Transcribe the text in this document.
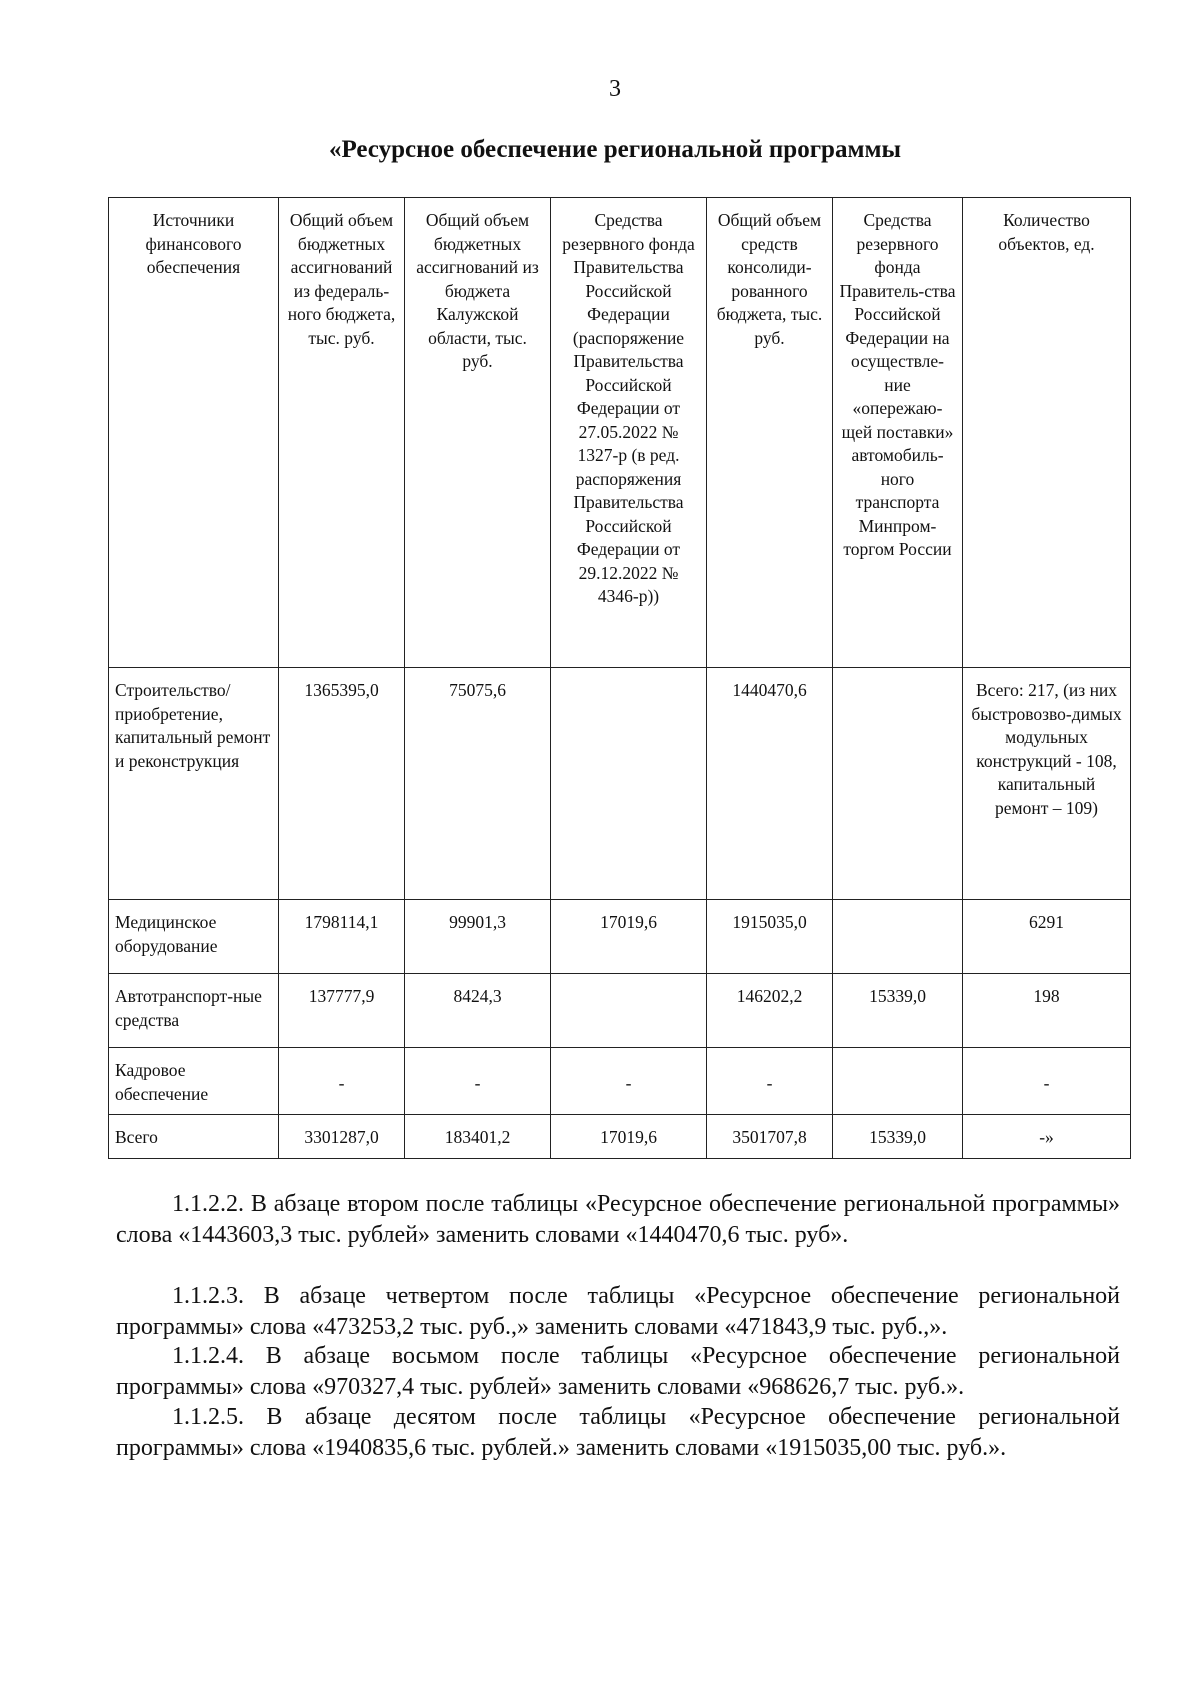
3
«Ресурсное обеспечение региональной программы
Источники финансового обеспечения	Общий объем бюджетных ассигнований из федераль-ного бюджета, тыс. руб.	Общий объем бюджетных ассигнований из бюджета Калужской области, тыс. руб.	Средства резервного фонда Правительства Российской Федерации (распоряжение Правительства Российской Федерации от 27.05.2022 № 1327-р (в ред. распоряжения Правительства Российской Федерации от 29.12.2022 № 4346-р))	Общий объем средств консолиди-рованного бюджета, тыс. руб.	Средства резервного фонда Правитель-ства Российской Федерации на осуществле-ние «опережаю-щей поставки» автомобиль-ного транспорта Минпром-торгом России	Количество объектов, ед.
Строительство/ приобретение, капитальный ремонт и реконструкция	1365395,0	75075,6		1440470,6		Всего: 217, (из них быстровозво-димых модульных конструкций - 108, капитальный ремонт – 109)
Медицинское оборудование	1798114,1	99901,3	17019,6	1915035,0		6291
Автотранспорт-ные средства	137777,9	8424,3		146202,2	15339,0	198
Кадровое обеспечение	-	-	-	-		-
Всего	3301287,0	183401,2	17019,6	3501707,8	15339,0	-»

1.1.2.2. В абзаце втором после таблицы «Ресурсное обеспечение региональной программы» слова «1443603,3 тыс. рублей» заменить словами «1440470,6 тыс. руб».

1.1.2.3. В абзаце четвертом после таблицы «Ресурсное обеспечение региональной программы» слова «473253,2 тыс. руб.,» заменить словами «471843,9 тыс. руб.,».

1.1.2.4. В абзаце восьмом после таблицы «Ресурсное обеспечение региональной программы» слова «970327,4 тыс. рублей» заменить словами «968626,7 тыс. руб.».

1.1.2.5. В абзаце десятом после таблицы «Ресурсное обеспечение региональной программы» слова «1940835,6 тыс. рублей.» заменить словами «1915035,00 тыс. руб.».
